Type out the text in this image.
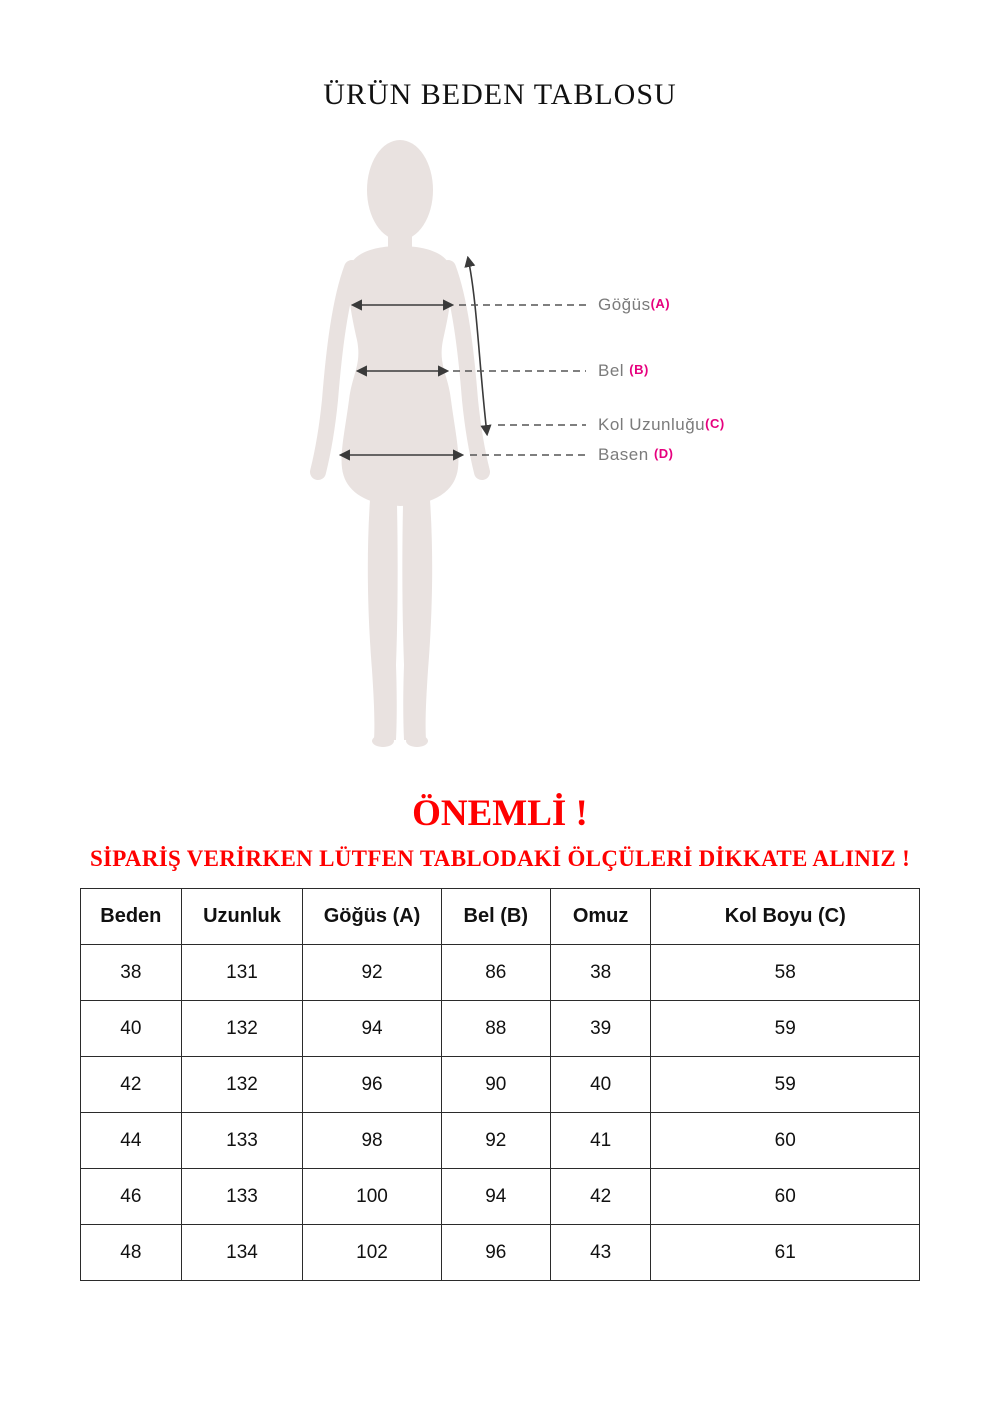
ÜRÜN BEDEN TABLOSU
Göğüs(A)
Bel (B)
Kol Uzunluğu(C)
Basen (D)
ÖNEMLİ !
SİPARİŞ VERİRKEN LÜTFEN TABLODAKİ ÖLÇÜLERİ DİKKATE ALINIZ !
Beden	Uzunluk	Göğüs (A)	Bel (B)	Omuz	Kol Boyu (C)
38	131	92	86	38	58
40	132	94	88	39	59
42	132	96	90	40	59
44	133	98	92	41	60
46	133	100	94	42	60
48	134	102	96	43	61
